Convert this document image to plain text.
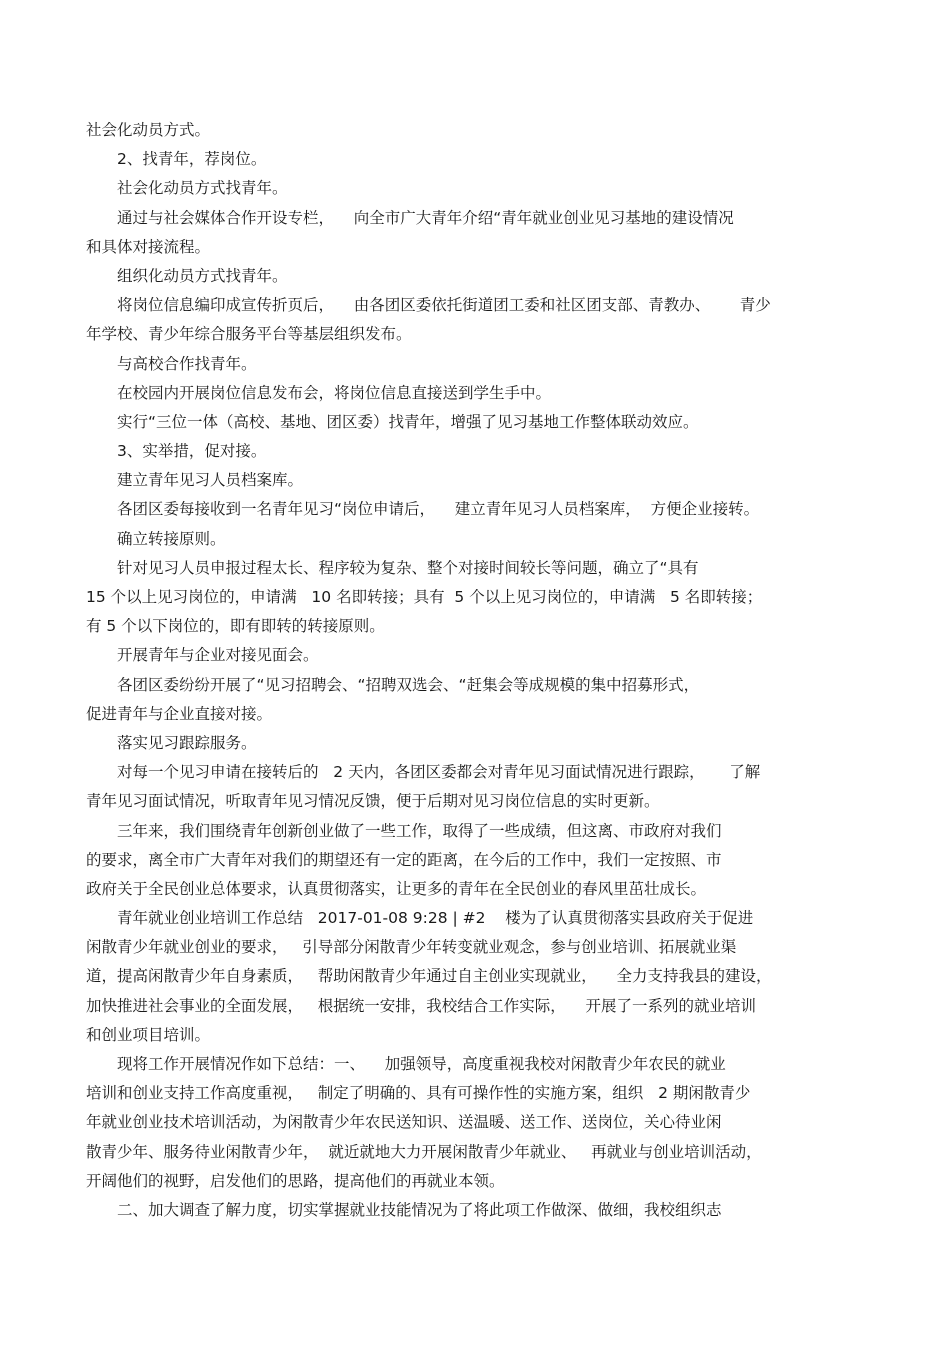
社会化动员方式。
2、找青年，荐岗位。
社会化动员方式找青年。
通过与社会媒体合作开设专栏，    向全市广大青年介绍“青年就业创业见习基地的建设情况
和具体对接流程。
组织化动员方式找青年。
将岗位信息编印成宣传折页后，    由各团区委依托街道团工委和社区团支部、青教办、      青少
年学校、青少年综合服务平台等基层组织发布。
与高校合作找青年。
在校园内开展岗位信息发布会，将岗位信息直接送到学生手中。
实行“三位一体（高校、基地、团区委）找青年，增强了见习基地工作整体联动效应。
3、实举措，促对接。
建立青年见习人员档案库。
各团区委每接收到一名青年见习“岗位申请后，    建立青年见习人员档案库，  方便企业接转。
确立转接原则。
针对见习人员申报过程太长、程序较为复杂、整个对接时间较长等问题，确立了“具有
15 个以上见习岗位的，申请满   10 名即转接；具有  5 个以上见习岗位的，申请满   5 名即转接；
有 5 个以下岗位的，即有即转的转接原则。
开展青年与企业对接见面会。
各团区委纷纷开展了“见习招聘会、“招聘双选会、“赶集会等成规模的集中招募形式，
促进青年与企业直接对接。
落实见习跟踪服务。
对每一个见习申请在接转后的   2 天内，各团区委都会对青年见习面试情况进行跟踪，     了解
青年见习面试情况，听取青年见习情况反馈，便于后期对见习岗位信息的实时更新。
三年来，我们围绕青年创新创业做了一些工作，取得了一些成绩，但这离、市政府对我们
的要求，离全市广大青年对我们的期望还有一定的距离，在今后的工作中，我们一定按照、市
政府关于全民创业总体要求，认真贯彻落实，让更多的青年在全民创业的春风里茁壮成长。
青年就业创业培训工作总结   2017-01-08 9:28 | #2    楼为了认真贯彻落实县政府关于促进
闲散青少年就业创业的要求，   引导部分闲散青少年转变就业观念，参与创业培训、拓展就业渠
道，提高闲散青少年自身素质，   帮助闲散青少年通过自主创业实现就业，    全力支持我县的建设，
加快推进社会事业的全面发展，   根据统一安排，我校结合工作实际，    开展了一系列的就业培训
和创业项目培训。
现将工作开展情况作如下总结：一、    加强领导，高度重视我校对闲散青少年农民的就业
培训和创业支持工作高度重视，   制定了明确的、具有可操作性的实施方案，组织   2 期闲散青少
年就业创业技术培训活动，为闲散青少年农民送知识、送温暖、送工作、送岗位，关心待业闲
散青少年、服务待业闲散青少年，  就近就地大力开展闲散青少年就业、   再就业与创业培训活动，
开阔他们的视野，启发他们的思路，提高他们的再就业本领。
二、加大调查了解力度，切实掌握就业技能情况为了将此项工作做深、做细，我校组织志
